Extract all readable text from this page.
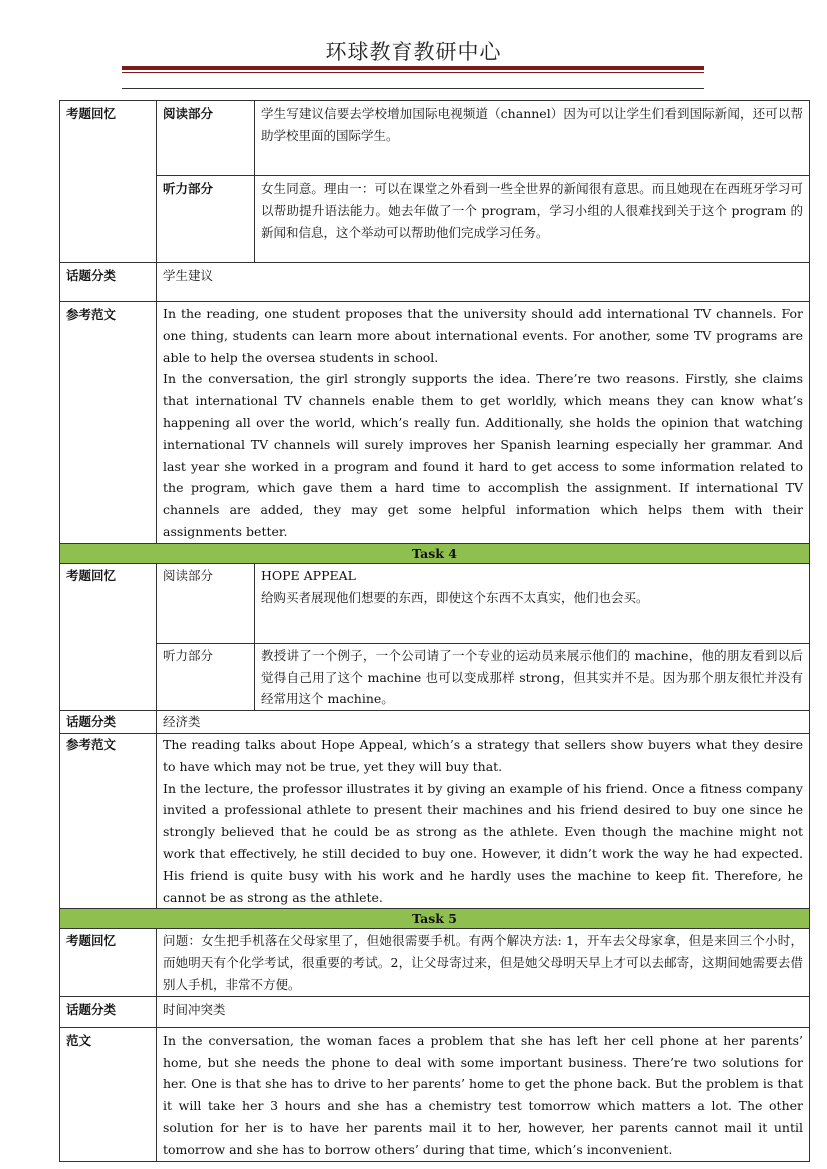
环球教育教研中心
考题回忆	阅读部分	学生写建议信要去学校增加国际电视频道（channel）因为可以让学生们看到国际新闻，还可以帮助学校里面的国际学生。
	听力部分	女生同意。理由一：可以在课堂之外看到一些全世界的新闻很有意思。而且她现在在西班牙学习可以帮助提升语法能力。她去年做了一个 program，学习小组的人很难找到关于这个 program 的新闻和信息，这个举动可以帮助他们完成学习任务。
话题分类	学生建议	
参考范文	In the reading, one student proposes that the university should add international TV channels. For one thing, students can learn more about international events. For another, some TV programs are able to help the oversea students in school.

In the conversation, the girl strongly supports the idea. There’re two reasons. Firstly, she claims that international TV channels enable them to get worldly, which means they can know what’s happening all over the world, which’s really fun. Additionally, she holds the opinion that watching international TV channels will surely improves her Spanish learning especially her grammar. And last year she worked in a program and found it hard to get access to some information related to the program, which gave them a hard time to accomplish the assignment. If international TV channels are added, they may get some helpful information which helps them with their assignments better.	

Task 4		
考题回忆	阅读部分	HOPE APPEAL
给购买者展现他们想要的东西，即使这个东西不太真实，他们也会买。

	听力部分	教授讲了一个例子，一个公司请了一个专业的运动员来展示他们的 machine，他的朋友看到以后觉得自己用了这个 machine 也可以变成那样 strong，但其实并不是。因为那个朋友很忙并没有经常用这个 machine。
话题分类	经济类	
参考范文	The reading talks about Hope Appeal, which’s a strategy that sellers show buyers what they desire to have which may not be true, yet they will buy that.

In the lecture, the professor illustrates it by giving an example of his friend. Once a fitness company invited a professional athlete to present their machines and his friend desired to buy one since he strongly believed that he could be as strong as the athlete. Even though the machine might not work that effectively, he still decided to buy one. However, it didn’t work the way he had expected. His friend is quite busy with his work and he hardly uses the machine to keep fit. Therefore, he cannot be as strong as the athlete.	

Task 5		
考题回忆	问题：女生把手机落在父母家里了，但她很需要手机。有两个解决方法: 1，开车去父母家拿，但是来回三个小时，而她明天有个化学考试，很重要的考试。2，让父母寄过来，但是她父母明天早上才可以去邮寄，这期间她需要去借别人手机，非常不方便。	
话题分类	时间冲突类	
范文	In the conversation, the woman faces a problem that she has left her cell phone at her parents’ home, but she needs the phone to deal with some important business. There’re two solutions for her. One is that she has to drive to her parents’ home to get the phone back. But the problem is that it will take her 3 hours and she has a chemistry test tomorrow which matters a lot. The other solution for her is to have her parents mail it to her, however, her parents cannot mail it until tomorrow and she has to borrow others’ during that time, which’s inconvenient.	
